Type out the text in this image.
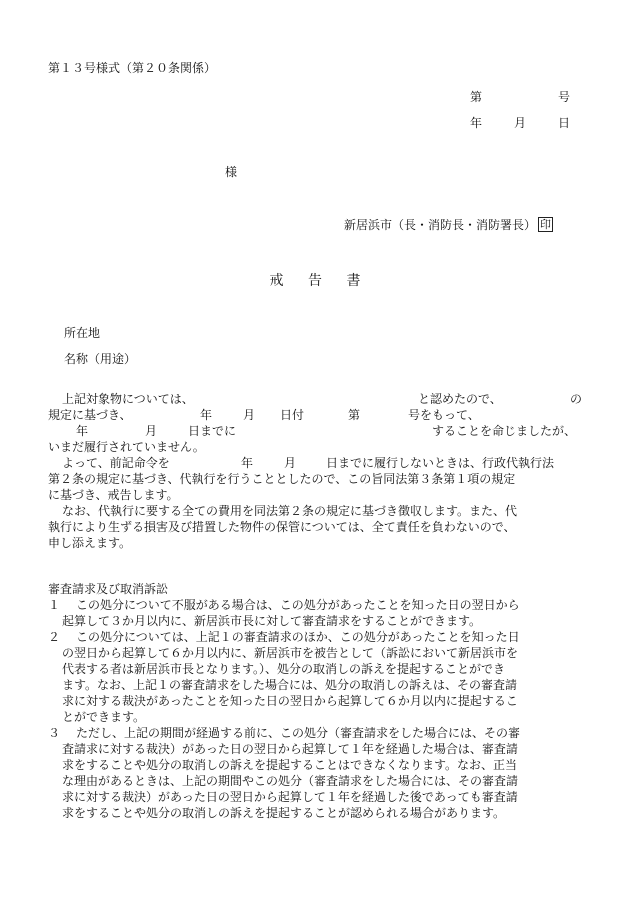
第１３号様式（第２０条関係）
第	号
年	月	日
様
新居浜市（長・消防長・消防署長） 印
戒 告 書
所在地
名称（用途）
上記対象物については、	と認めたので、	の
規定に基づき、	年	月 日付	第	号をもって、
年	月	日までに	することを命じましたが、
いまだ履行されていません。
よって、前記命令を	年	月 日までに履行しないときは、行政代執行法
第２条の規定に基づき、代執行を行うこととしたので、この旨同法第３条第１項の規定
に基づき、戒告します。
なお、代執行に要する全ての費用を同法第２条の規定に基づき徴収します。また、代
執行により生ずる損害及び措置した物件の保管については、全て責任を負わないので、
申し添えます。
審査請求及び取消訴訟
１	この処分について不服がある場合は、この処分があったことを知った日の翌日から
起算して３か月以内に、新居浜市長に対して審査請求をすることができます。
２	この処分については、上記１の審査請求のほか、この処分があったことを知った日
の翌日から起算して６か月以内に、新居浜市を被告として（訴訟において新居浜市を
代表する者は新居浜市長となります。）、処分の取消しの訴えを提起することができ
ます。なお、上記１の審査請求をした場合には、処分の取消しの訴えは、その審査請
求に対する裁決があったことを知った日の翌日から起算して６か月以内に提起するこ
とができます。
３	ただし、上記の期間が経過する前に、この処分（審査請求をした場合には、その審
査請求に対する裁決）があった日の翌日から起算して１年を経過した場合は、審査請
求をすることや処分の取消しの訴えを提起することはできなくなります。なお、正当
な理由があるときは、上記の期間やこの処分（審査請求をした場合には、その審査請
求に対する裁決）があった日の翌日から起算して１年を経過した後であっても審査請
求をすることや処分の取消しの訴えを提起することが認められる場合があります。
